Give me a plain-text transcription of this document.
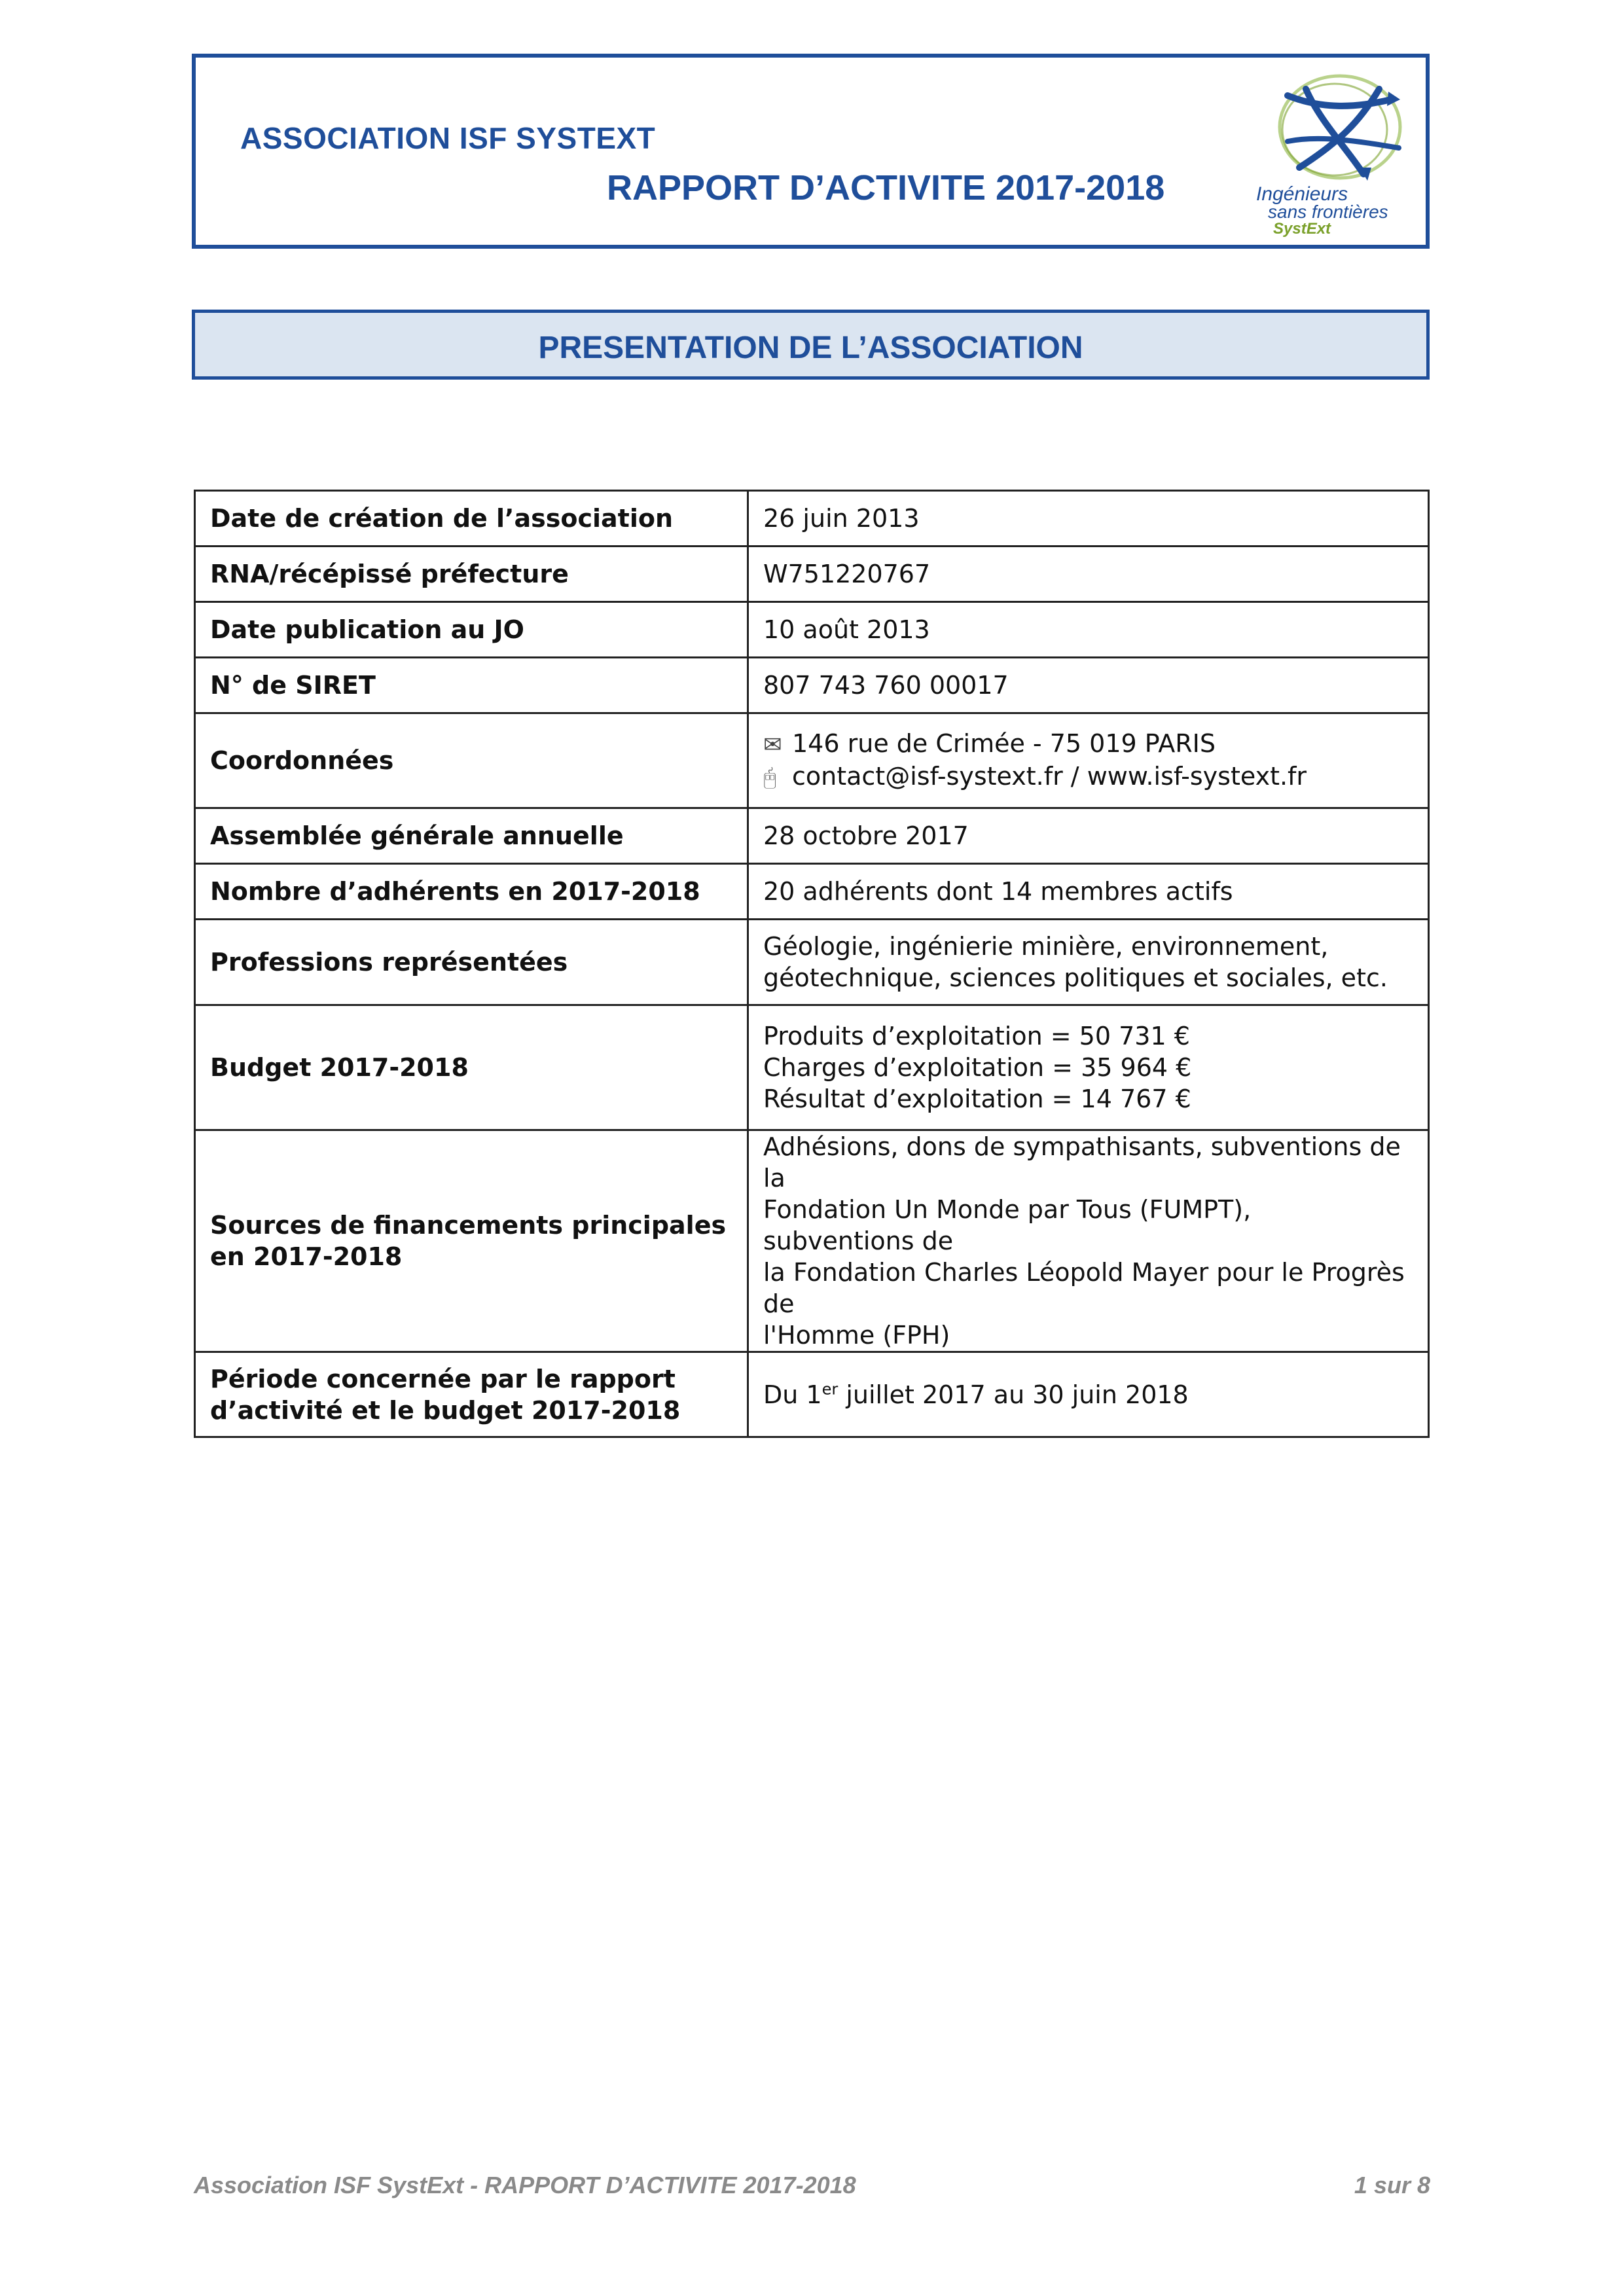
ASSOCIATION ISF SYSTEXT
RAPPORT D’ACTIVITE 2017-2018	Ingénieurs
sans frontières
SystExt
PRESENTATION DE L’ASSOCIATION
Date de création de l’association	26 juin 2013
RNA/récépissé préfecture	W751220767
Date publication au JO	10 août 2013
N° de SIRET	807 743 760 00017
Coordonnées	✉ 146 rue de Crimée - 75 019 PARIS
🖰 contact@isf-systext.fr / www.isf-systext.fr

Assemblée générale annuelle	28 octobre 2017
Nombre d’adhérents en 2017-2018	20 adhérents dont 14 membres actifs
Professions représentées	Géologie, ingénierie minière, environnement,
géotechnique, sciences politiques et sociales, etc.

Budget 2017-2018	Produits d’exploitation = 50 731 €
Charges d’exploitation = 35 964 €
Résultat d’exploitation = 14 767 €

Sources de financements principales
en 2017-2018	Adhésions, dons de sympathisants, subventions de la
Fondation Un Monde par Tous (FUMPT), subventions de
la Fondation Charles Léopold Mayer pour le Progrès de
l'Homme (FPH)

Période concernée par le rapport
d’activité et le budget 2017-2018	Du 1er juillet 2017 au 30 juin 2018
Association ISF SystExt - RAPPORT D’ACTIVITE 2017-2018	1 sur 8
